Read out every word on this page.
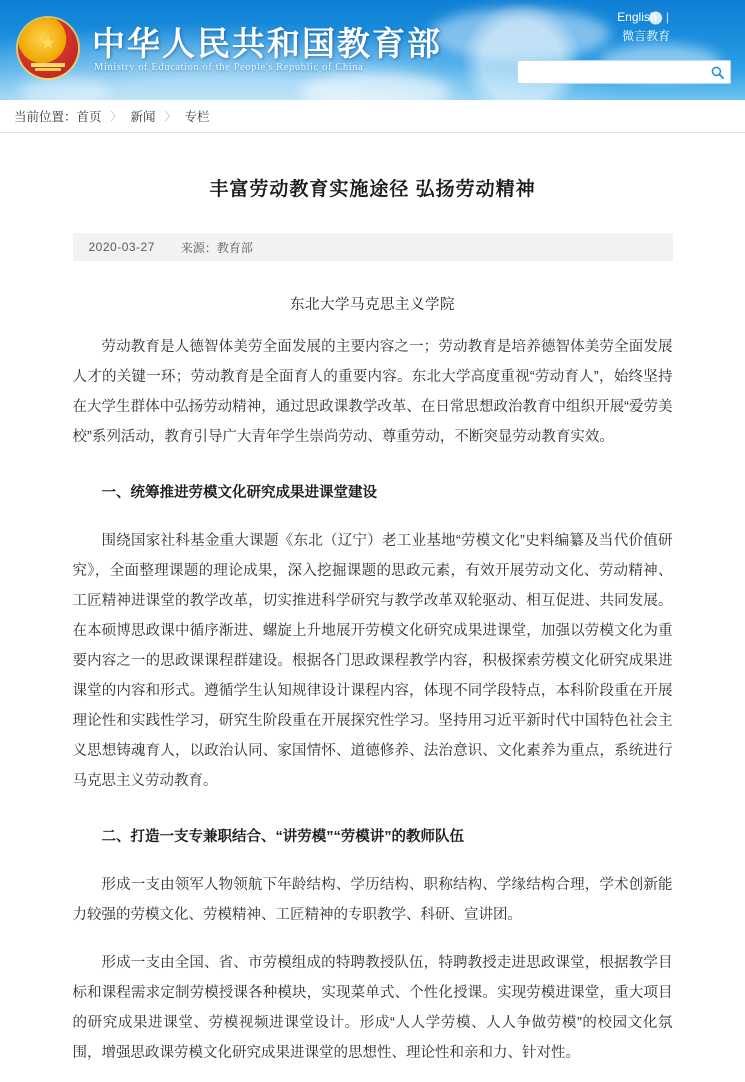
★ 中华人民共和国教育部
Ministry of Education of the People's Republic of China
English |
微言教育
当前位置： 首页 〉 新闻 〉 专栏
丰富劳动教育实施途径 弘扬劳动精神
2020-03-27 来源：教育部
东北大学马克思主义学院

劳动教育是人德智体美劳全面发展的主要内容之一；劳动教育是培养德智体美劳全面发展人才的关键一环；劳动教育是全面育人的重要内容。东北大学高度重视“劳动育人”，始终坚持在大学生群体中弘扬劳动精神，通过思政课教学改革、在日常思想政治教育中组织开展“爱劳美校”系列活动，教育引导广大青年学生崇尚劳动、尊重劳动，不断突显劳动教育实效。

一、统筹推进劳模文化研究成果进课堂建设

围绕国家社科基金重大课题《东北（辽宁）老工业基地“劳模文化”史料编纂及当代价值研究》，全面整理课题的理论成果，深入挖掘课题的思政元素，有效开展劳动文化、劳动精神、工匠精神进课堂的教学改革，切实推进科学研究与教学改革双轮驱动、相互促进、共同发展。在本硕博思政课中循序渐进、螺旋上升地展开劳模文化研究成果进课堂，加强以劳模文化为重要内容之一的思政课课程群建设。根据各门思政课程教学内容，积极探索劳模文化研究成果进课堂的内容和形式。遵循学生认知规律设计课程内容，体现不同学段特点，本科阶段重在开展理论性和实践性学习，研究生阶段重在开展探究性学习。坚持用习近平新时代中国特色社会主义思想铸魂育人，以政治认同、家国情怀、道德修养、法治意识、文化素养为重点，系统进行马克思主义劳动教育。

二、打造一支专兼职结合、“讲劳模”“劳模讲”的教师队伍

形成一支由领军人物领航下年龄结构、学历结构、职称结构、学缘结构合理，学术创新能力较强的劳模文化、劳模精神、工匠精神的专职教学、科研、宣讲团。

形成一支由全国、省、市劳模组成的特聘教授队伍，特聘教授走进思政课堂，根据教学目标和课程需求定制劳模授课各种模块，实现菜单式、个性化授课。实现劳模进课堂，重大项目的研究成果进课堂、劳模视频进课堂设计。形成“人人学劳模、人人争做劳模”的校园文化氛围，增强思政课劳模文化研究成果进课堂的思想性、理论性和亲和力、针对性。
